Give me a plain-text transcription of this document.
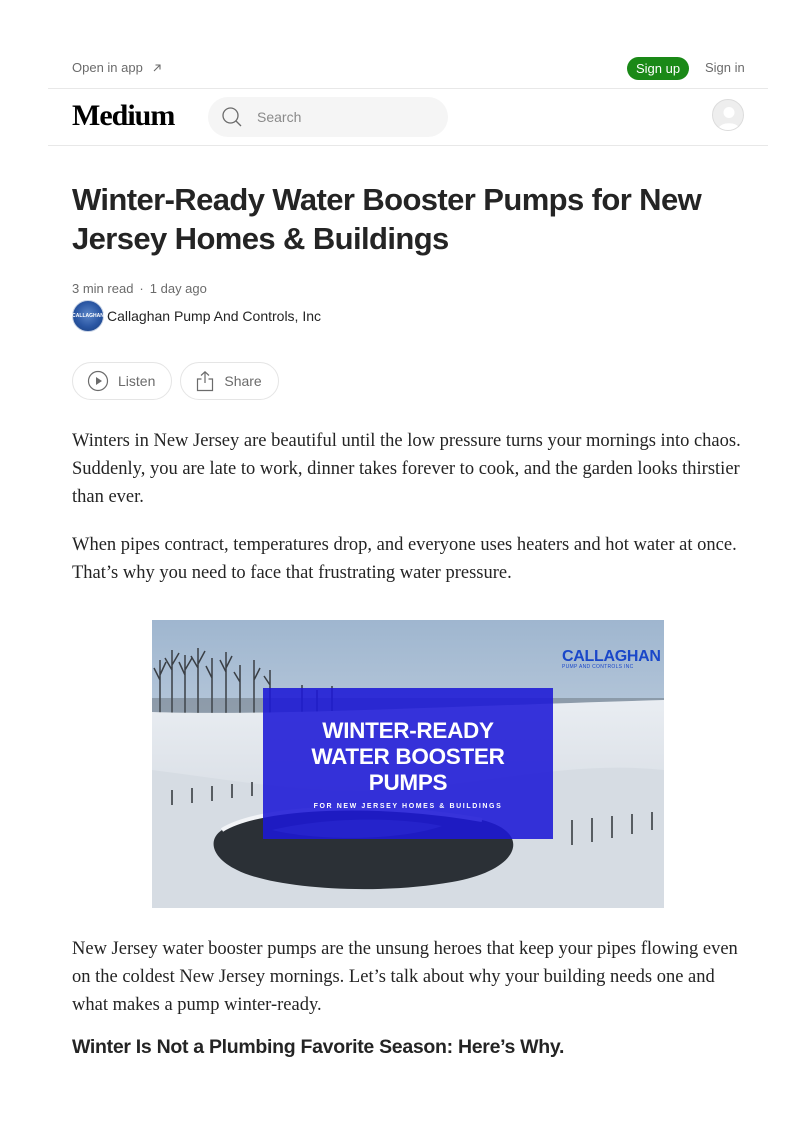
Open in app	Sign up	Sign in
Medium
Search
Winter-Ready Water Booster Pumps for New Jersey Homes & Buildings
3 min read · 1 day ago
CALLAGHAN Callaghan Pump And Controls, Inc
Listen	Share

Winters in New Jersey are beautiful until the low pressure turns your mornings into chaos. Suddenly, you are late to work, dinner takes forever to cook, and the garden looks thirstier than ever.

When pipes contract, temperatures drop, and everyone uses heaters and hot water at once. That’s why you need to face that frustrating water pressure.

CALLAGHAN
PUMP AND CONTROLS INC
WINTER-READY
WATER BOOSTER
PUMPS
FOR NEW JERSEY HOMES & BUILDINGS

New Jersey water booster pumps are the unsung heroes that keep your pipes flowing even on the coldest New Jersey mornings. Let’s talk about why your building needs one and what makes a pump winter-ready.

Winter Is Not a Plumbing Favorite Season: Here’s Why.
